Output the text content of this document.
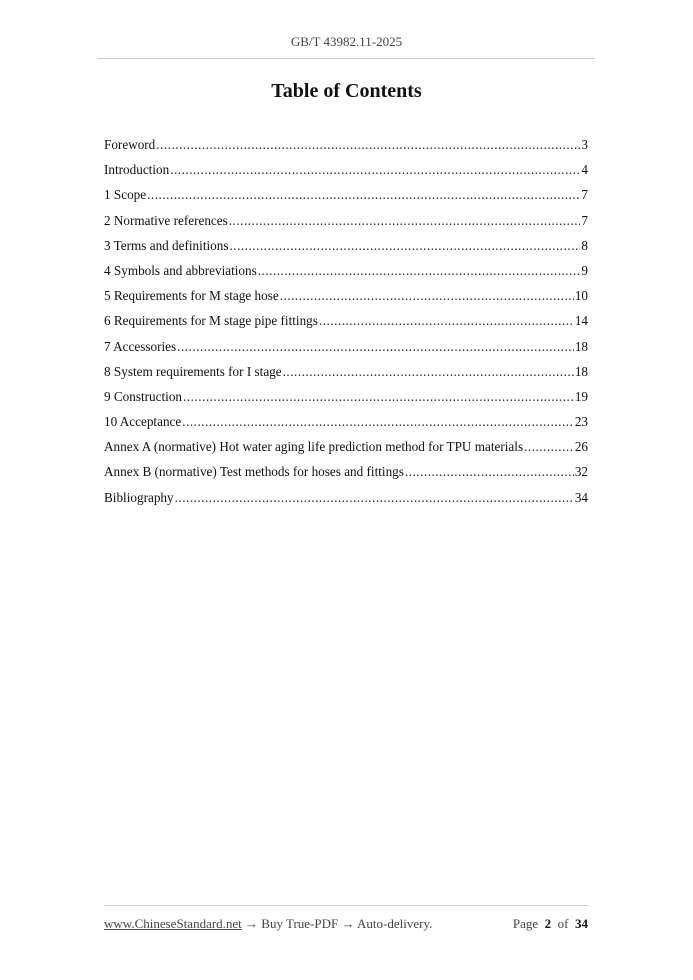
GB/T 43982.11-2025
Table of Contents
Foreword .....	3
Introduction .....	4
1 Scope .....	7
2 Normative references .....	7
3 Terms and definitions .....	8
4 Symbols and abbreviations .....	9
5 Requirements for M stage hose .....	10
6 Requirements for M stage pipe fittings .....	14
7 Accessories .....	18
8 System requirements for I stage .....	18
9 Construction .....	19
10 Acceptance .....	23
Annex A (normative) Hot water aging life prediction method for TPU materials .....	26
Annex B (normative) Test methods for hoses and fittings .....	32
Bibliography .....	34
www.ChineseStandard.net → Buy True-PDF → Auto-delivery.	Page 2 of 34
